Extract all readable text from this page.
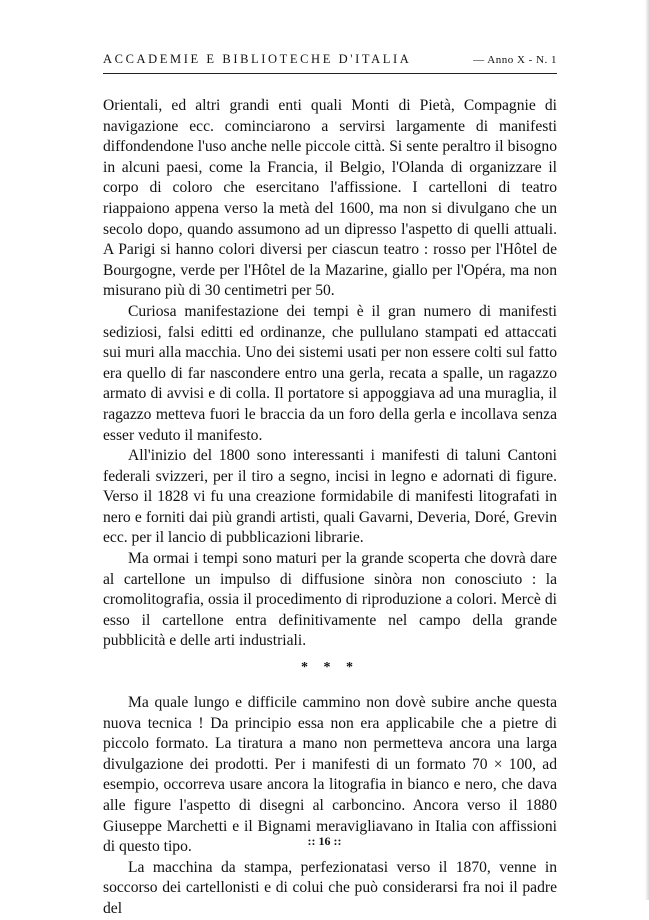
ACCADEMIE E BIBLIOTECHE D'ITALIA	— Anno X - N. 1

Orientali, ed altri grandi enti quali Monti di Pietà, Compagnie di navigazione ecc. cominciarono a servirsi largamente di manifesti diffondendone l'uso anche nelle piccole città. Si sente peraltro il bisogno in alcuni paesi, come la Francia, il Belgio, l'Olanda di organizzare il corpo di coloro che esercitano l'affissione. I cartelloni di teatro riappaiono appena verso la metà del 1600, ma non si divulgano che un secolo dopo, quando assumono ad un dipresso l'aspetto di quelli attuali. A Parigi si hanno colori diversi per ciascun teatro : rosso per l'Hôtel de Bourgogne, verde per l'Hôtel de la Mazarine, giallo per l'Opéra, ma non misurano più di 30 centimetri per 50.

Curiosa manifestazione dei tempi è il gran numero di manifesti sediziosi, falsi editti ed ordinanze, che pullulano stampati ed attaccati sui muri alla macchia. Uno dei sistemi usati per non essere colti sul fatto era quello di far nascondere entro una gerla, recata a spalle, un ragazzo armato di avvisi e di colla. Il portatore si appoggiava ad una muraglia, il ragazzo metteva fuori le braccia da un foro della gerla e incollava senza esser veduto il manifesto.

All'inizio del 1800 sono interessanti i manifesti di taluni Cantoni federali svizzeri, per il tiro a segno, incisi in legno e adornati di figure. Verso il 1828 vi fu una creazione formidabile di manifesti litografati in nero e forniti dai più grandi artisti, quali Gavarni, Deveria, Doré, Grevin ecc. per il lancio di pubblicazioni librarie.

Ma ormai i tempi sono maturi per la grande scoperta che dovrà dare al cartellone un impulso di diffusione sinòra non conosciuto : la cromolitografia, ossia il procedimento di riproduzione a colori. Mercè di esso il cartellone entra definitivamente nel campo della grande pubblicità e delle arti industriali.

* * *

Ma quale lungo e difficile cammino non dovè subire anche questa nuova tecnica ! Da principio essa non era applicabile che a pietre di piccolo formato. La tiratura a mano non permetteva ancora una larga divulgazione dei prodotti. Per i manifesti di un formato 70 × 100, ad esempio, occorreva usare ancora la litografia in bianco e nero, che dava alle figure l'aspetto di disegni al carboncino. Ancora verso il 1880 Giuseppe Marchetti e il Bignami meravigliavano in Italia con affissioni di questo tipo.

La macchina da stampa, perfezionatasi verso il 1870, venne in soccorso dei cartellonisti e di colui che può considerarsi fra noi il padre del

:: 16 ::
